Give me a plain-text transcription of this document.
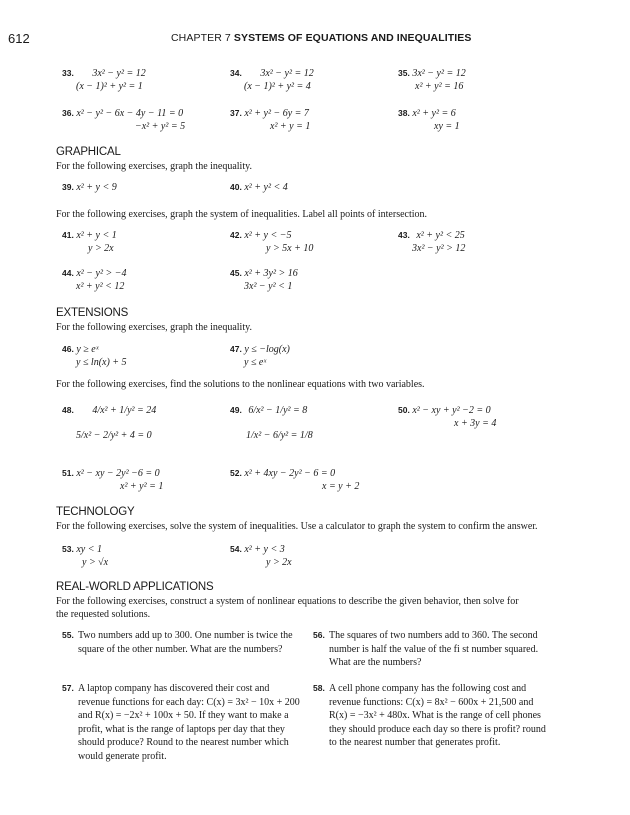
612	CHAPTER 7 SYSTEMS OF EQUATIONS AND INEQUALITIES
33. 3x² − y² = 12
(x − 1)² + y² = 1
34. 3x² − y² = 12
(x − 1)² + y² = 4
35. 3x² − y² = 12
x² + y² = 16
36. x² − y² − 6x − 4y − 11 = 0
−x² + y² = 5
37. x² + y² − 6y = 7
x² + y = 1
38. x² + y² = 6
xy = 1
GRAPHICAL
For the following exercises, graph the inequality.
39. x² + y < 9	40. x² + y² < 4
For the following exercises, graph the system of inequalities. Label all points of intersection.
41. x² + y < 1
y > 2x
42. x² + y < −5
y > 5x + 10
43. x² + y² < 25
3x² − y² > 12
44. x² − y² > −4
x² + y² < 12
45. x² + 3y² > 16
3x² − y² < 1
EXTENSIONS
For the following exercises, graph the inequality.
46. y ≥ eˣ
y ≤ ln(x) + 5
47. y ≤ −log(x)
y ≤ eˣ
For the following exercises, find the solutions to the nonlinear equations with two variables.
48. 4/x² + 1/y² = 24
5/x² − 2/y² + 4 = 0
49. 6/x² − 1/y² = 8
1/x² − 6/y² = 1/8
50. x² − xy + y² −2 = 0
x + 3y = 4
51. x² − xy − 2y² −6 = 0
x² + y² = 1
52. x² + 4xy − 2y² − 6 = 0
x = y + 2
TECHNOLOGY
For the following exercises, solve the system of inequalities. Use a calculator to graph the system to confirm the answer.
53. xy < 1
y > √x
54. x² + y < 3
y > 2x
REAL-WORLD APPLICATIONS
For the following exercises, construct a system of nonlinear equations to describe the given behavior, then solve for
the requested solutions.
55. Two numbers add up to 300. One number is twice the square of the other number. What are the numbers?
56. The squares of two numbers add to 360. The second number is half the value of the fi st number squared. What are the numbers?
57. A laptop company has discovered their cost and revenue functions for each day: C(x) = 3x² − 10x + 200 and R(x) = −2x² + 100x + 50. If they want to make a profit, what is the range of laptops per day that they should produce? Round to the nearest number which would generate profit.
58. A cell phone company has the following cost and revenue functions: C(x) = 8x² − 600x + 21,500 and R(x) = −3x² + 480x. What is the range of cell phones they should produce each day so there is profit? round to the nearest number that generates profit.
